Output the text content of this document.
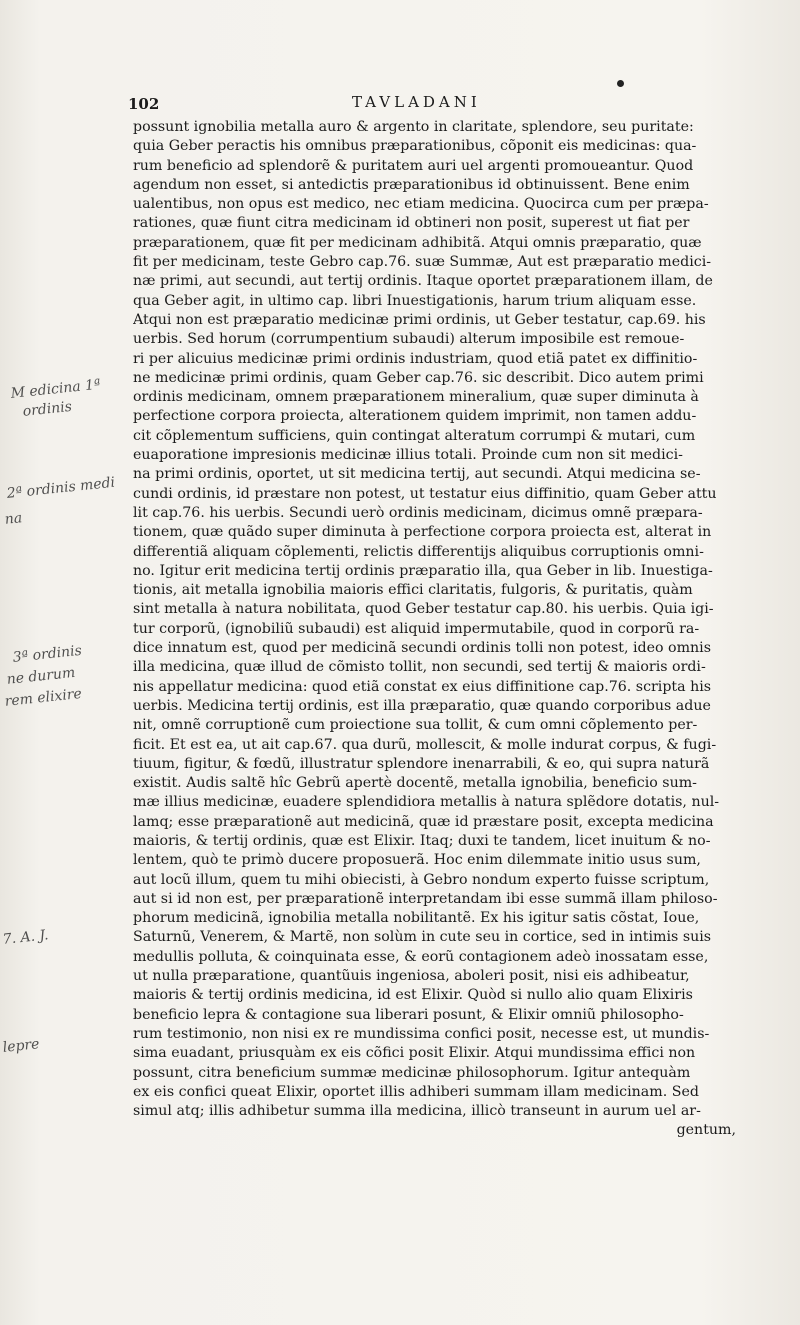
102	TAVLADANI
possunt ignobilia metalla auro & argento in claritate, splendore, seu puritate:
quia Geber peractis his omnibus præparationibus, cõponit eis medicinas: qua-
rum beneficio ad splendorẽ & puritatem auri uel argenti promoueantur. Quod
agendum non esset, si antedictis præparationibus id obtinuissent. Bene enim
ualentibus, non opus est medico, nec etiam medicina. Quocirca cum per præpa-
rationes, quæ fiunt citra medicinam id obtineri non posit, superest ut fiat per
præparationem, quæ fit per medicinam adhibitã. Atqui omnis præparatio, quæ
fit per medicinam, teste Gebro cap.76. suæ Summæ, Aut est præparatio medici-
næ primi, aut secundi, aut tertij ordinis. Itaque oportet præparationem illam, de
qua Geber agit, in ultimo cap. libri Inuestigationis, harum trium aliquam esse.
Atqui non est præparatio medicinæ primi ordinis, ut Geber testatur, cap.69. his
uerbis. Sed horum (corrumpentium subaudi) alterum imposibile est remoue-
ri per alicuius medicinæ primi ordinis industriam, quod etiã patet ex diffinitio-
ne medicinæ primi ordinis, quam Geber cap.76. sic describit. Dico autem primi
ordinis medicinam, omnem præparationem mineralium, quæ super diminuta à
perfectione corpora proiecta, alterationem quidem imprimit, non tamen addu-
cit cõplementum sufficiens, quin contingat alteratum corrumpi & mutari, cum
euaporatione impresionis medicinæ illius totali. Proinde cum non sit medici-
na primi ordinis, oportet, ut sit medicina tertij, aut secundi. Atqui medicina se-
cundi ordinis, id præstare non potest, ut testatur eius diffinitio, quam Geber attu
lit cap.76. his uerbis. Secundi uerò ordinis medicinam, dicimus omnẽ præpara-
tionem, quæ quãdo super diminuta à perfectione corpora proiecta est, alterat in
differentiã aliquam cõplementi, relictis differentijs aliquibus corruptionis omni-
no. Igitur erit medicina tertij ordinis præparatio illa, qua Geber in lib. Inuestiga-
tionis, ait metalla ignobilia maioris effici claritatis, fulgoris, & puritatis, quàm
sint metalla à natura nobilitata, quod Geber testatur cap.80. his uerbis. Quia igi-
tur corporũ, (ignobiliũ subaudi) est aliquid impermutabile, quod in corporũ ra-
dice innatum est, quod per medicinã secundi ordinis tolli non potest, ideo omnis
illa medicina, quæ illud de cõmisto tollit, non secundi, sed tertij & maioris ordi-
nis appellatur medicina: quod etiã constat ex eius diffinitione cap.76. scripta his
uerbis. Medicina tertij ordinis, est illa præparatio, quæ quando corporibus adue
nit, omnẽ corruptionẽ cum proiectione sua tollit, & cum omni cõplemento per-
ficit. Et est ea, ut ait cap.67. qua durũ, mollescit, & molle indurat corpus, & fugi-
tiuum, figitur, & fœdũ, illustratur splendore inenarrabili, & eo, qui supra naturã
existit. Audis saltẽ hîc Gebrũ apertè docentẽ, metalla ignobilia, beneficio sum-
mæ illius medicinæ, euadere splendidiora metallis à natura splẽdore dotatis, nul-
lamq; esse præparationẽ aut medicinã, quæ id præstare posit, excepta medicina
maioris, & tertij ordinis, quæ est Elixir. Itaq; duxi te tandem, licet inuitum & no-
lentem, quò te primò ducere proposuerã. Hoc enim dilemmate initio usus sum,
aut locũ illum, quem tu mihi obiecisti, à Gebro nondum experto fuisse scriptum,
aut si id non est, per præparationẽ interpretandam ibi esse summã illam philoso-
phorum medicinã, ignobilia metalla nobilitantẽ. Ex his igitur satis cõstat, Ioue,
Saturnũ, Venerem, & Martẽ, non solùm in cute seu in cortice, sed in intimis suis
medullis polluta, & coinquinata esse, & eorũ contagionem adeò inossatam esse,
ut nulla præparatione, quantũuis ingeniosa, aboleri posit, nisi eis adhibeatur,
maioris & tertij ordinis medicina, id est Elixir. Quòd si nullo alio quam Elixiris
beneficio lepra & contagione sua liberari posunt, & Elixir omniũ philosopho-
rum testimonio, non nisi ex re mundissima confici posit, necesse est, ut mundis-
sima euadant, priusquàm ex eis cõfici posit Elixir. Atqui mundissima effici non
possunt, citra beneficium summæ medicinæ philosophorum. Igitur antequàm
ex eis confici queat Elixir, oportet illis adhiberi summam illam medicinam. Sed
simul atq; illis adhibetur summa illa medicina, illicò transeunt in aurum uel ar-
gentum,
M edicina 1ª
ordinis
2ª ordinis medi
na
3ª ordinis
ne durum
rem elixire
7. A. J.
lepre
